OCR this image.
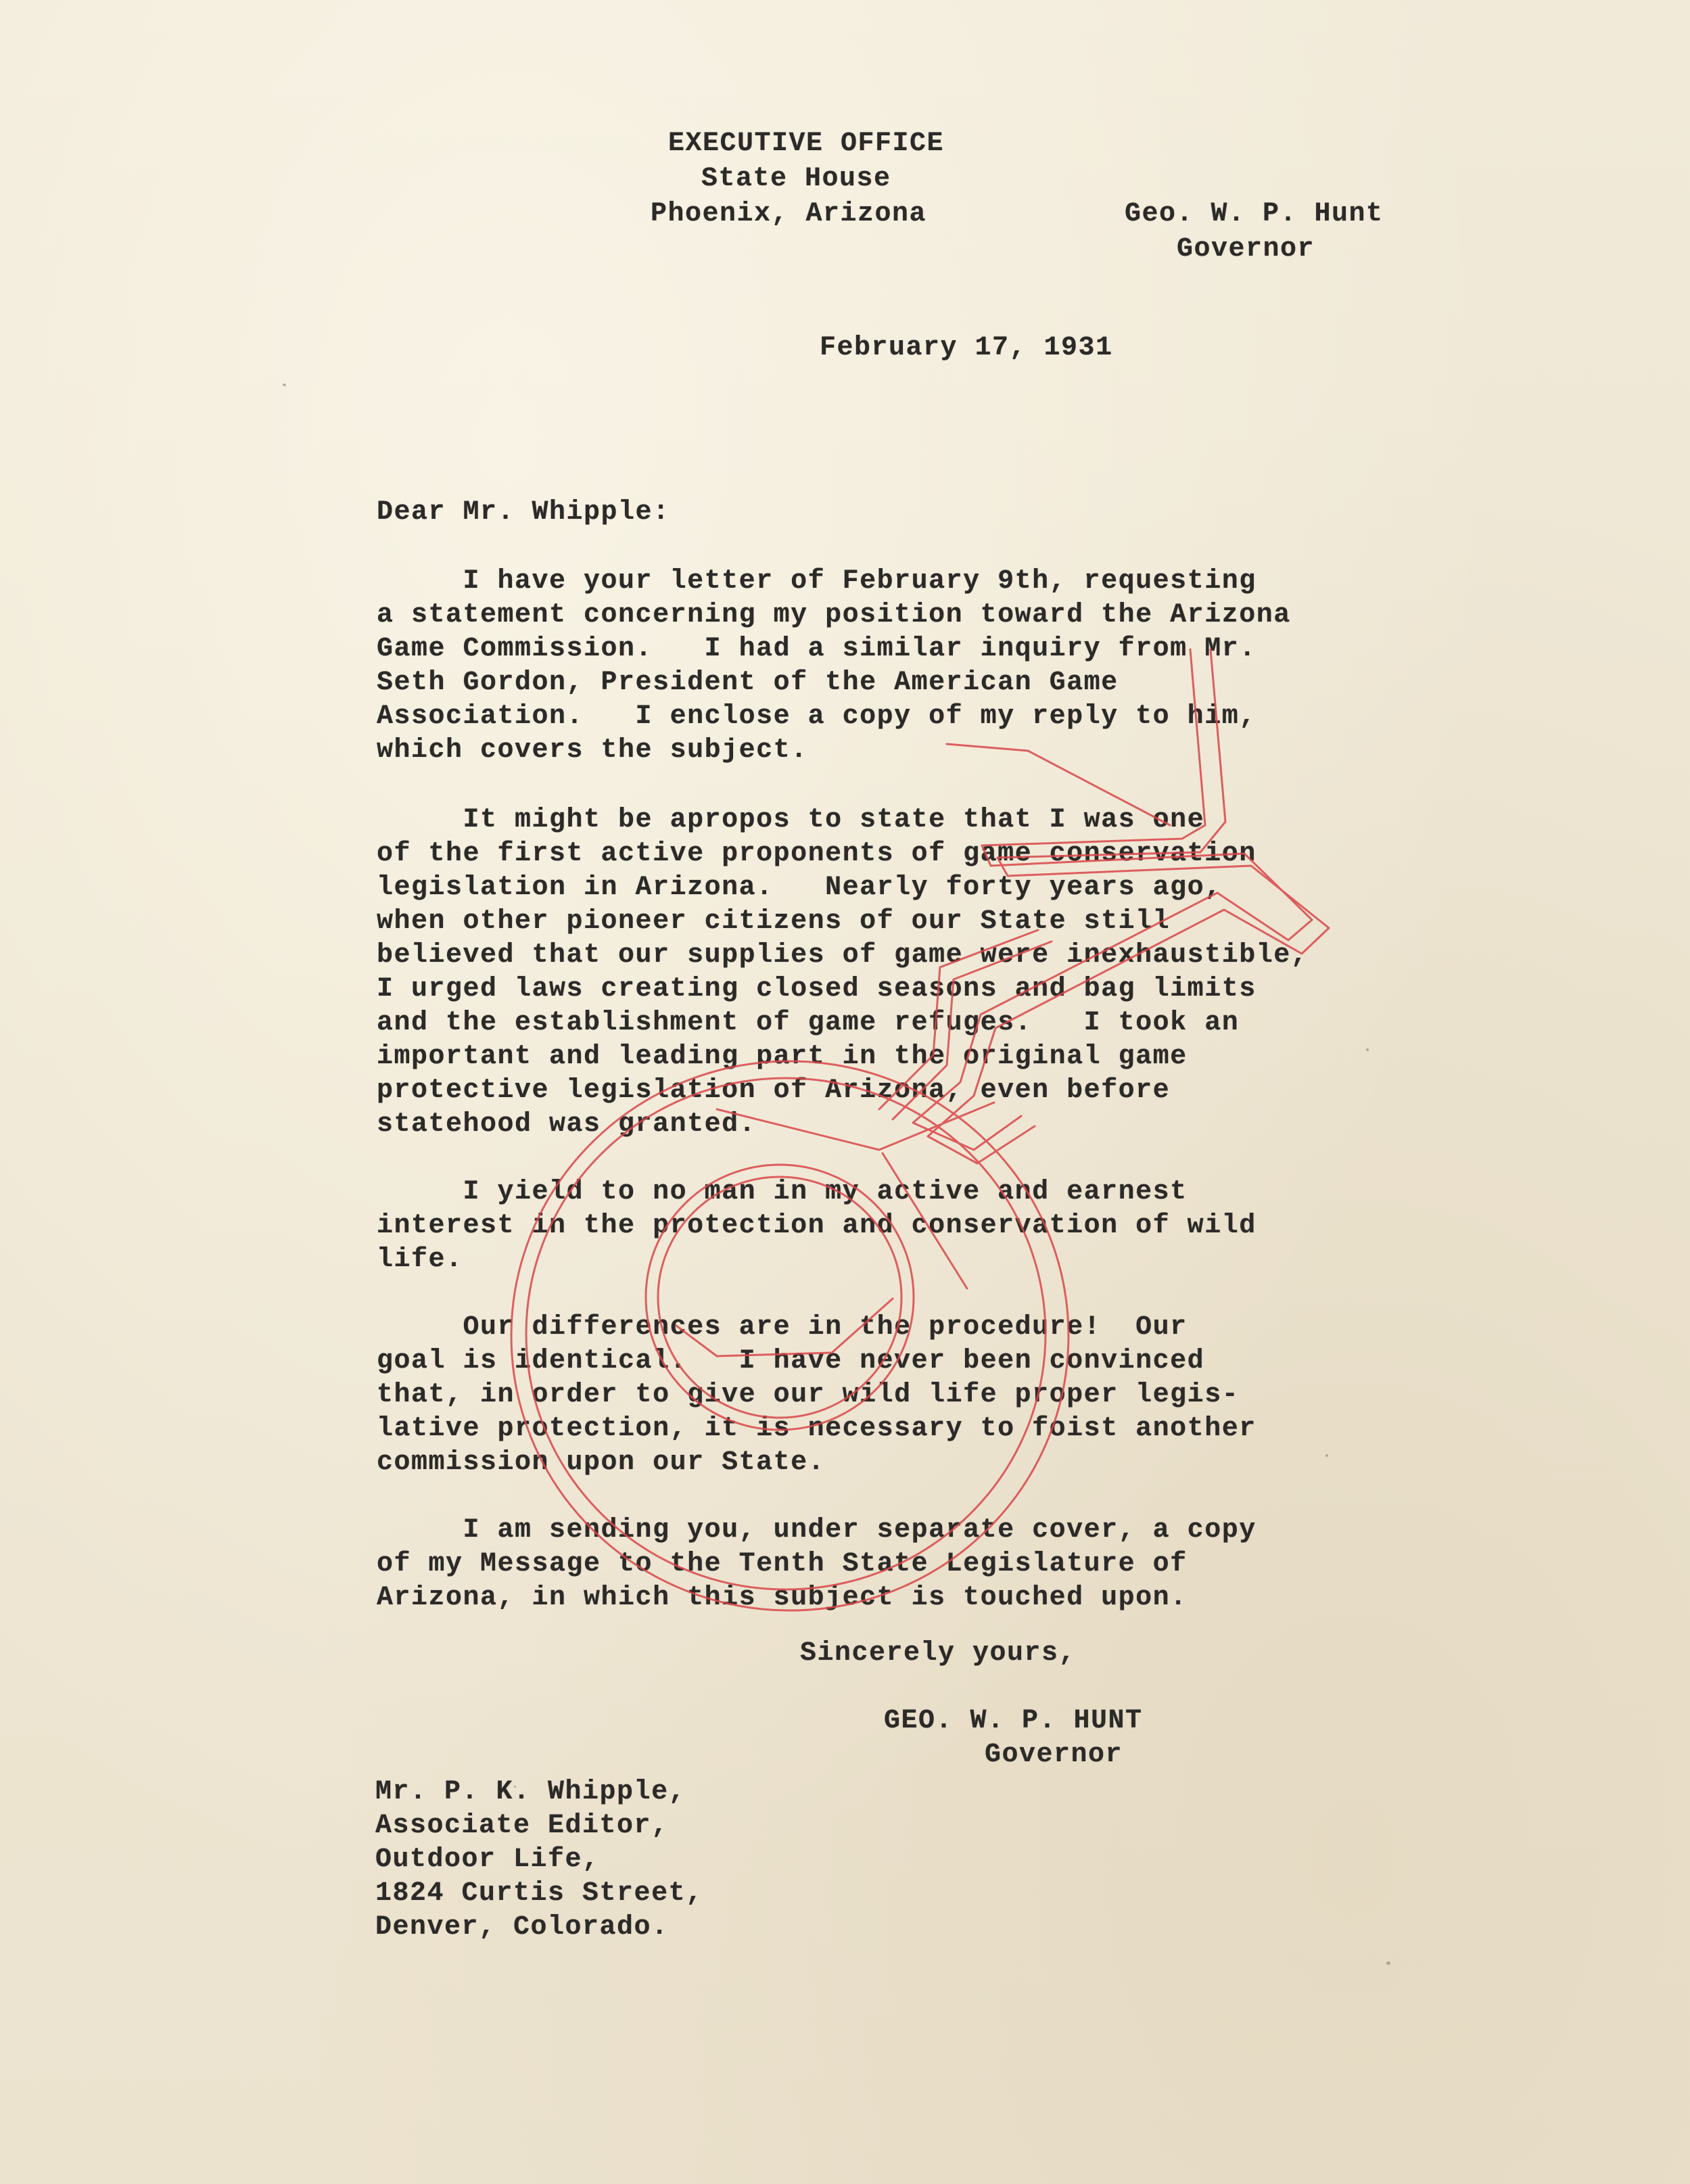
EXECUTIVE OFFICE
State House
Phoenix, Arizona	Geo. W. P. Hunt
Governor
February 17, 1931
Dear Mr. Whipple:
I have your letter of February 9th, requesting
a statement concerning my position toward the Arizona
Game Commission.   I had a similar inquiry from Mr.
Seth Gordon, President of the American Game
Association.   I enclose a copy of my reply to him,
which covers the subject.
It might be apropos to state that I was one
of the first active proponents of game conservation
legislation in Arizona.   Nearly forty years ago,
when other pioneer citizens of our State still
believed that our supplies of game were inexhaustible,
I urged laws creating closed seasons and bag limits
and the establishment of game refuges.   I took an
important and leading part in the original game
protective legislation of Arizona, even before
statehood was granted.
I yield to no man in my active and earnest
interest in the protection and conservation of wild
life.
Our differences are in the procedure!  Our
goal is identical.   I have never been convinced
that, in order to give our wild life proper legis-
lative protection, it is necessary to foist another
commission upon our State.
I am sending you, under separate cover, a copy
of my Message to the Tenth State Legislature of
Arizona, in which this subject is touched upon.
Sincerely yours,
GEO. W. P. HUNT
Governor
Mr. P. K. Whipple,
Associate Editor,
Outdoor Life,
1824 Curtis Street,
Denver, Colorado.
